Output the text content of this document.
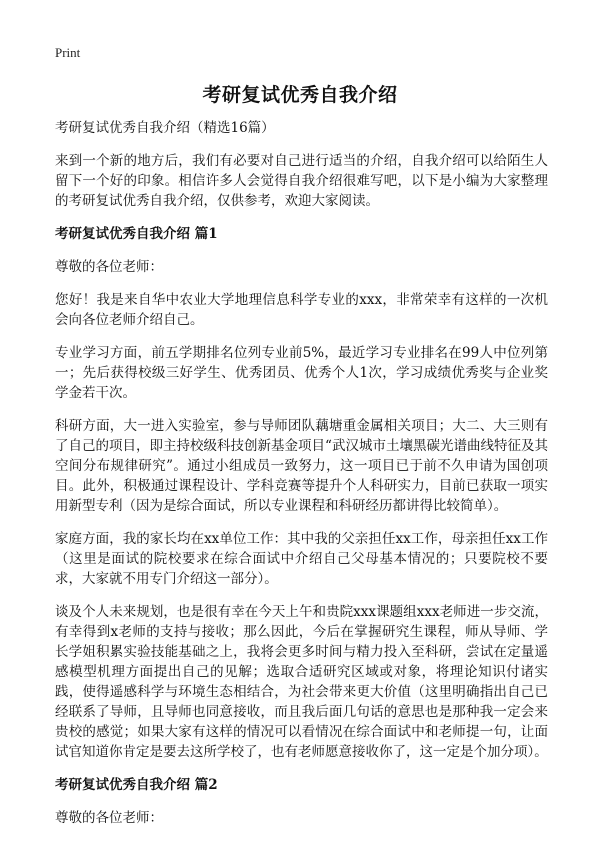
Print
考研复试优秀自我介绍

考研复试优秀自我介绍（精选16篇）

来到一个新的地方后，我们有必要对自己进行适当的介绍，自我介绍可以给陌生人留下一个好的印象。相信许多人会觉得自我介绍很难写吧，以下是小编为大家整理的考研复试优秀自我介绍，仅供参考，欢迎大家阅读。

考研复试优秀自我介绍 篇1

尊敬的各位老师：

您好！我是来自华中农业大学地理信息科学专业的xxx，非常荣幸有这样的一次机会向各位老师介绍自己。

专业学习方面，前五学期排名位列专业前5%，最近学习专业排名在99人中位列第一；先后获得校级三好学生、优秀团员、优秀个人1次，学习成绩优秀奖与企业奖学金若干次。

科研方面，大一进入实验室，参与导师团队藕塘重金属相关项目；大二、大三则有了自己的项目，即主持校级科技创新基金项目“武汉城市土壤黑碳光谱曲线特征及其空间分布规律研究”。通过小组成员一致努力，这一项目已于前不久申请为国创项目。此外，积极通过课程设计、学科竞赛等提升个人科研实力，目前已获取一项实用新型专利（因为是综合面试，所以专业课程和科研经历都讲得比较简单）。

家庭方面，我的家长均在xx单位工作：其中我的父亲担任xx工作，母亲担任xx工作（这里是面试的院校要求在综合面试中介绍自己父母基本情况的；只要院校不要求，大家就不用专门介绍这一部分）。

谈及个人未来规划，也是很有幸在今天上午和贵院xxx课题组xxx老师进一步交流，有幸得到x老师的支持与接收；那么因此，今后在掌握研究生课程，师从导师、学长学姐积累实验技能基础之上，我将会更多时间与精力投入至科研，尝试在定量遥感模型机理方面提出自己的见解；选取合适研究区域或对象，将理论知识付诸实践，使得遥感科学与环境生态相结合，为社会带来更大价值（这里明确指出自己已经联系了导师，且导师也同意接收，而且我后面几句话的意思也是那种我一定会来贵校的感觉；如果大家有这样的情况可以看情况在综合面试中和老师提一句，让面试官知道你肯定是要去这所学校了，也有老师愿意接收你了，这一定是个加分项）。

考研复试优秀自我介绍 篇2

尊敬的各位老师：
